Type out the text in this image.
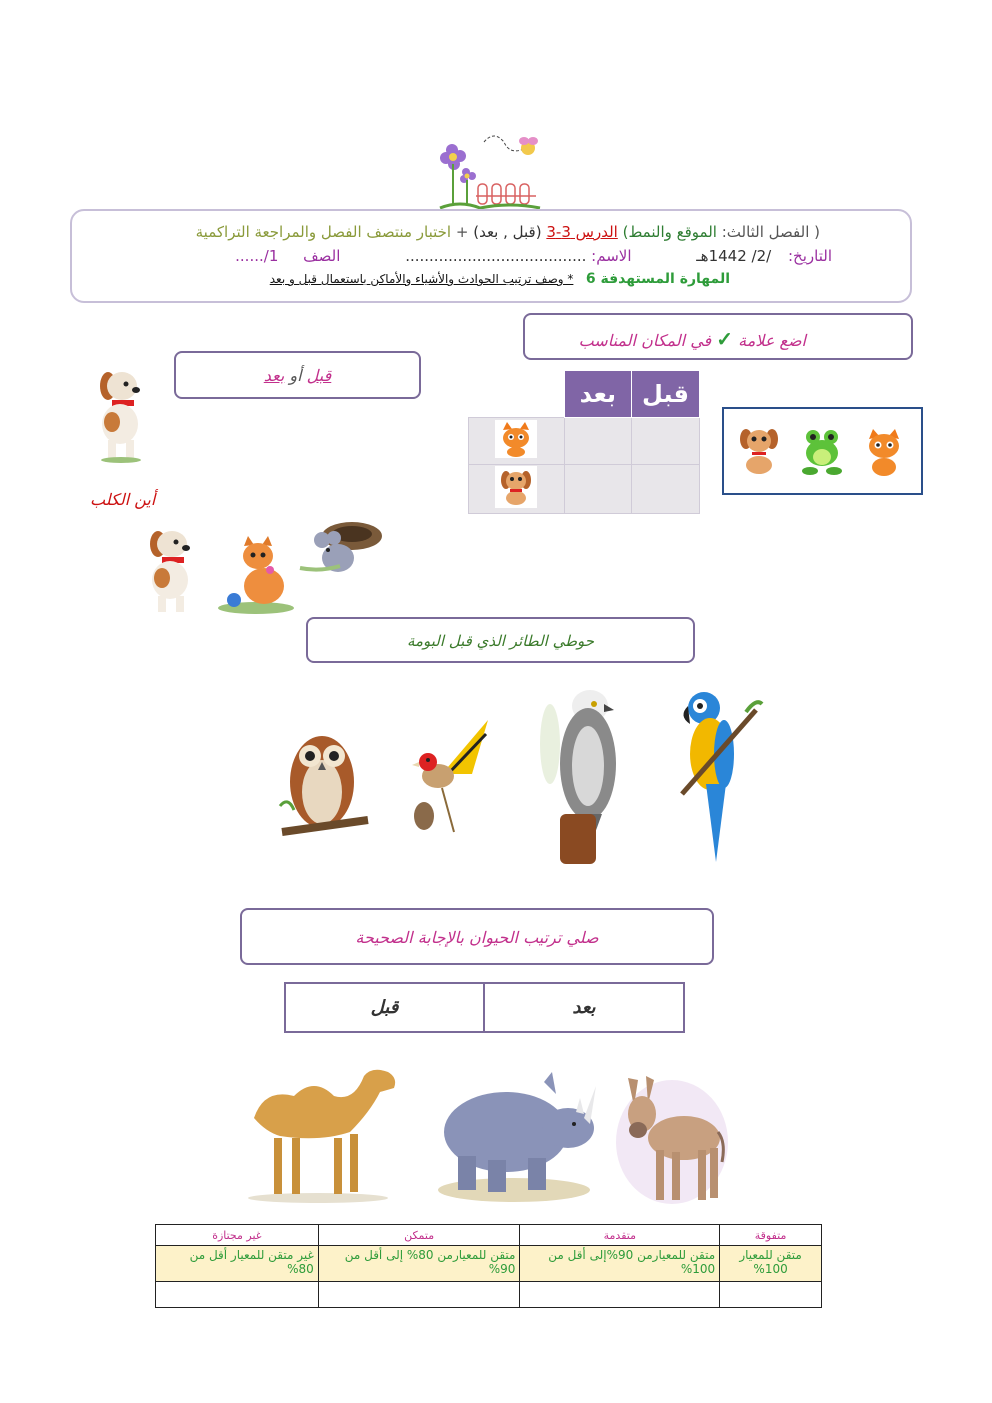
( الفصل الثالث: الموقع والنمط) الدرس 3-3 (قبل , بعد) + اختبار منتصف الفصل والمراجعة التراكمية
التاريخ: /2/ 1442هـ الاسم: ...................................... الصف 1/......
المهارة المستهدفة 6 * وصف ترتيب الحوادث والأشياء والأماكن باستعمال قبل و بعد
اضع علامة ✓ في المكان المناسب
	بعد	قبل

قبل أو بعد
أين الكلب
حوطي الطائر الذي قبل البومة
صلي ترتيب الحيوان بالإجابة الصحيحة
قبل	بعد
متفوقة	متقدمة	متمكن	غير مجتازة
متقن للمعيار 100%	متقن للمعيارمن 90%إلى أقل من 100%	متقن للمعيارمن 80% إلى أقل من 90%	غير متقن للمعيار أقل من 80%
